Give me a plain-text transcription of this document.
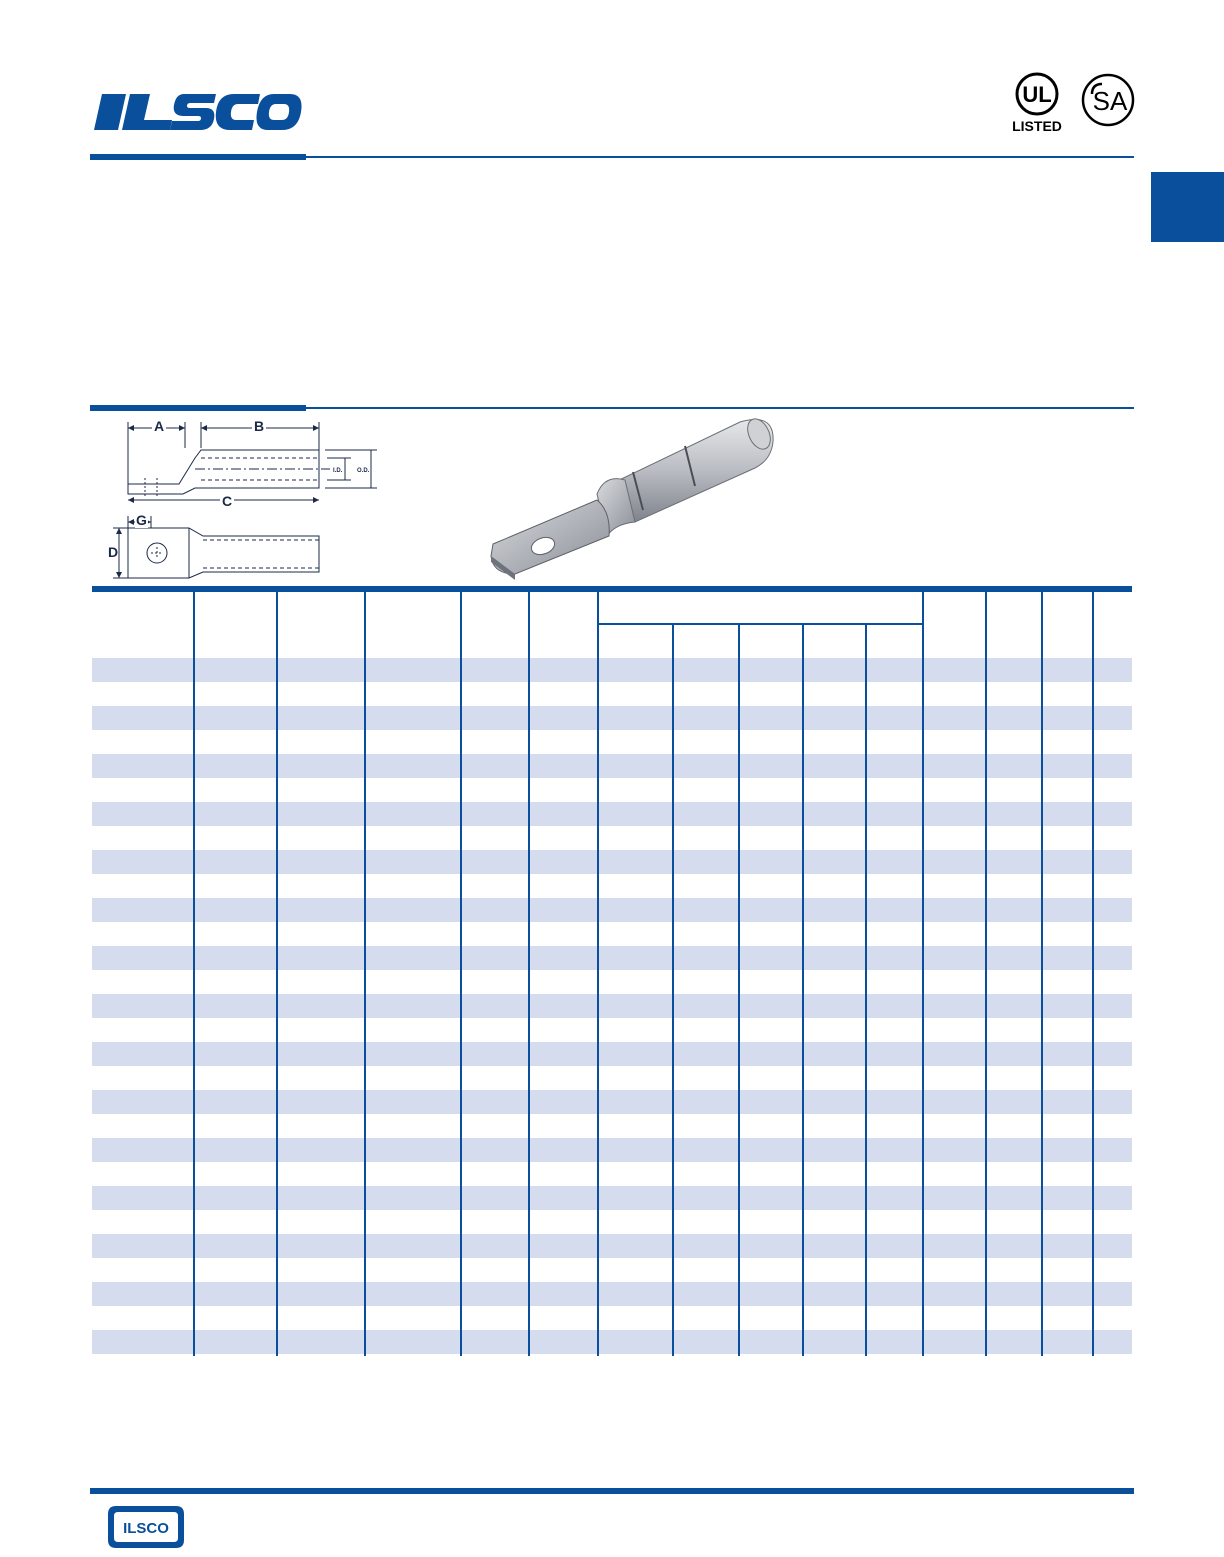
UL
LISTED
SA
I.D. O.D.
A	B
C
D
G
ILSCO
